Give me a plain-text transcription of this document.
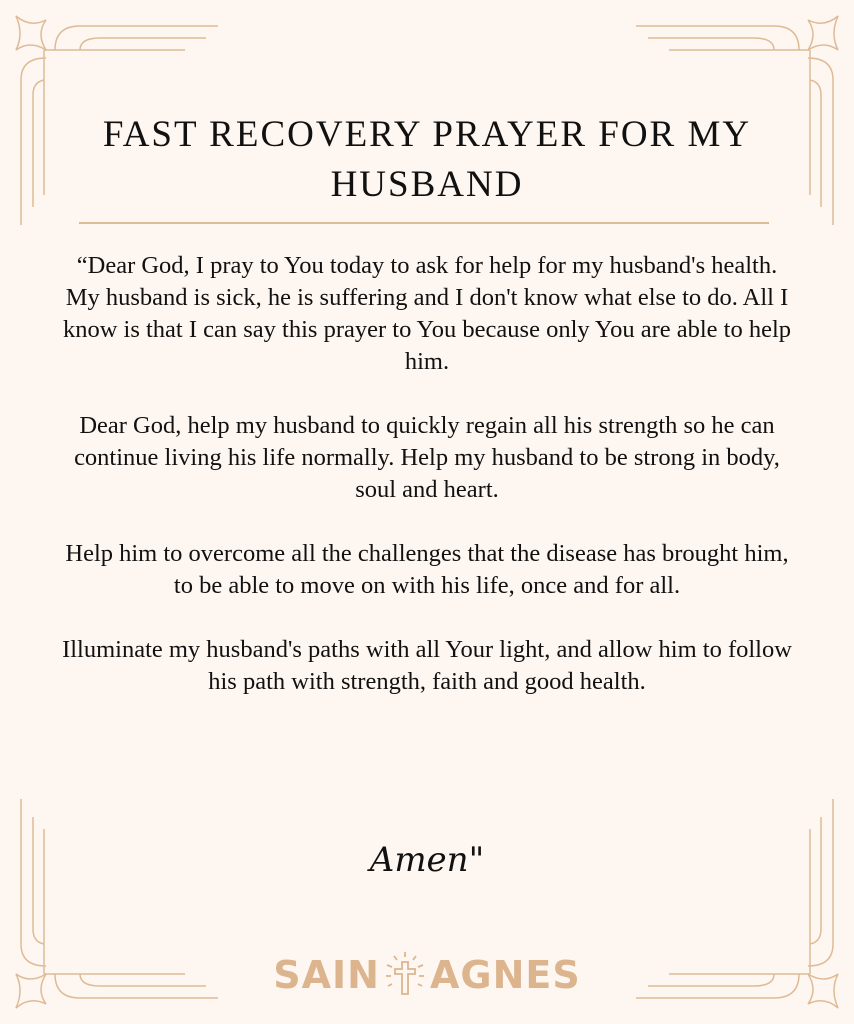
FAST RECOVERY PRAYER FOR MY HUSBAND

“Dear God, I pray to You today to ask for help for my husband's health. My husband is sick, he is suffering and I don't know what else to do. All I know is that I can say this prayer to You because only You are able to help him.

Dear God, help my husband to quickly regain all his strength so he can continue living his life normally. Help my husband to be strong in body, soul and heart.

Help him to overcome all the challenges that the disease has brought him, to be able to move on with his life, once and for all.

Illuminate my husband's paths with all Your light, and allow him to follow his path with strength, faith and good health.

Amen"
SAIN AGNES
